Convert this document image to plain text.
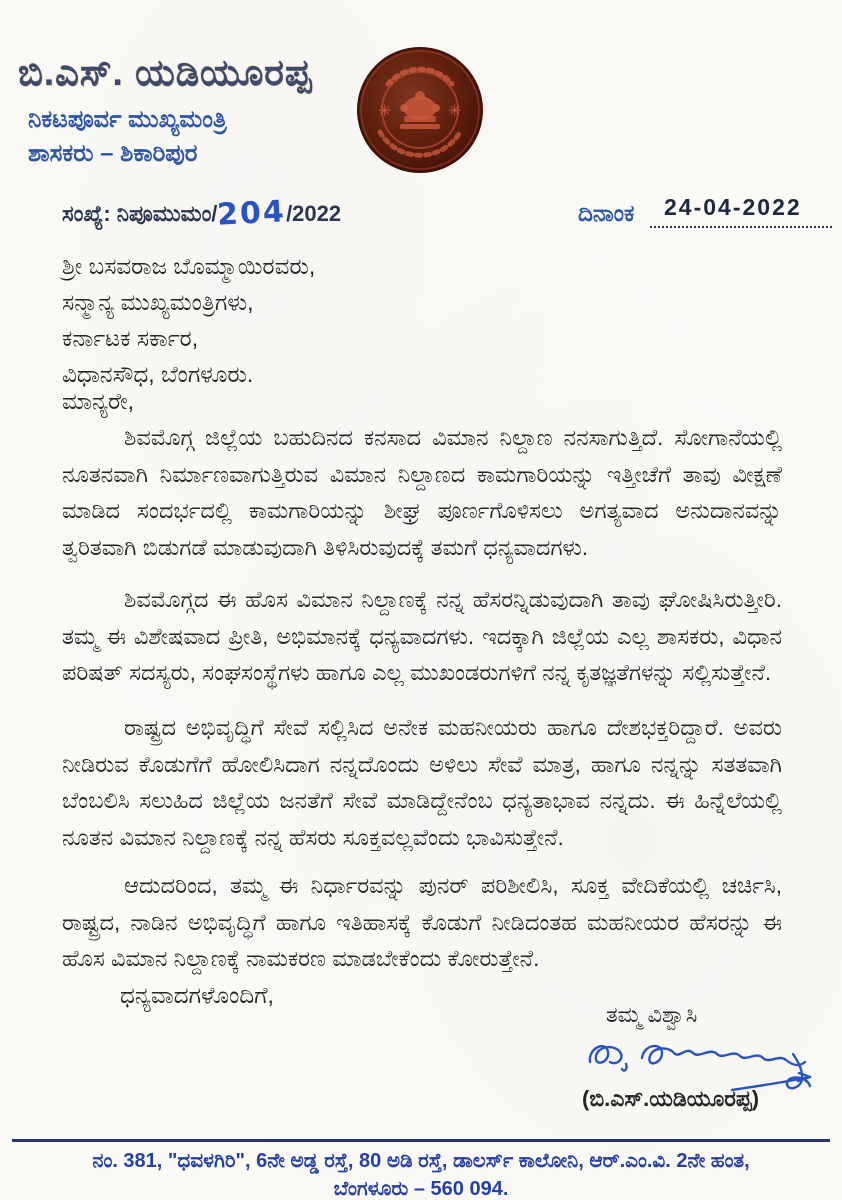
ಬಿ.ಎಸ್. ಯಡಿಯೂರಪ್ಪ
ನಿಕಟಪೂರ್ವ ಮುಖ್ಯಮಂತ್ರಿ
ಶಾಸಕರು – ಶಿಕಾರಿಪುರ
✳	✳
ಸಂಖ್ಯೆ: ನಿಪೂಮುಮಂ/204/2022	ದಿನಾಂಕ 24-04-2022
ಶ್ರೀ ಬಸವರಾಜ ಬೊಮ್ಮಾಯಿರವರು,
ಸನ್ಮಾನ್ಯ ಮುಖ್ಯಮಂತ್ರಿಗಳು,
ಕರ್ನಾಟಕ ಸರ್ಕಾರ,
ವಿಧಾನಸೌಧ, ಬೆಂಗಳೂರು.
ಮಾನ್ಯರೇ,
ಶಿವಮೊಗ್ಗ ಜಿಲ್ಲೆಯ ಬಹುದಿನದ ಕನಸಾದ ವಿಮಾನ ನಿಲ್ದಾಣ ನನಸಾಗುತ್ತಿದೆ. ಸೋಗಾನೆಯಲ್ಲಿ ನೂತನವಾಗಿ ನಿರ್ಮಾಣವಾಗುತ್ತಿರುವ ವಿಮಾನ ನಿಲ್ದಾಣದ ಕಾಮಗಾರಿಯನ್ನು ಇತ್ತೀಚೆಗೆ ತಾವು ವೀಕ್ಷಣೆ ಮಾಡಿದ ಸಂದರ್ಭದಲ್ಲಿ ಕಾಮಗಾರಿಯನ್ನು ಶೀಘ್ರ ಪೂರ್ಣಗೊಳಿಸಲು ಅಗತ್ಯವಾದ ಅನುದಾನವನ್ನು ತ್ವರಿತವಾಗಿ ಬಿಡುಗಡೆ ಮಾಡುವುದಾಗಿ ತಿಳಿಸಿರುವುದಕ್ಕೆ ತಮಗೆ ಧನ್ಯವಾದಗಳು.
ಶಿವಮೊಗ್ಗದ ಈ ಹೊಸ ವಿಮಾನ ನಿಲ್ದಾಣಕ್ಕೆ ನನ್ನ ಹೆಸರನ್ನಿಡುವುದಾಗಿ ತಾವು ಘೋಷಿಸಿರುತ್ತೀರಿ. ತಮ್ಮ ಈ ವಿಶೇಷವಾದ ಪ್ರೀತಿ, ಅಭಿಮಾನಕ್ಕೆ ಧನ್ಯವಾದಗಳು. ಇದಕ್ಕಾಗಿ ಜಿಲ್ಲೆಯ ಎಲ್ಲ ಶಾಸಕರು, ವಿಧಾನ ಪರಿಷತ್ ಸದಸ್ಯರು, ಸಂಘಸಂಸ್ಥೆಗಳು ಹಾಗೂ ಎಲ್ಲ ಮುಖಂಡರುಗಳಿಗೆ ನನ್ನ ಕೃತಜ್ಞತೆಗಳನ್ನು ಸಲ್ಲಿಸುತ್ತೇನೆ.
ರಾಷ್ಟ್ರದ ಅಭಿವೃದ್ಧಿಗೆ ಸೇವೆ ಸಲ್ಲಿಸಿದ ಅನೇಕ ಮಹನೀಯರು ಹಾಗೂ ದೇಶಭಕ್ತರಿದ್ದಾರೆ. ಅವರು ನೀಡಿರುವ ಕೊಡುಗೆಗೆ ಹೋಲಿಸಿದಾಗ ನನ್ನದೊಂದು ಅಳಿಲು ಸೇವೆ ಮಾತ್ರ, ಹಾಗೂ ನನ್ನನ್ನು ಸತತವಾಗಿ ಬೆಂಬಲಿಸಿ ಸಲುಹಿದ ಜಿಲ್ಲೆಯ ಜನತೆಗೆ ಸೇವೆ ಮಾಡಿದ್ದೇನೆಂಬ ಧನ್ಯತಾಭಾವ ನನ್ನದು. ಈ ಹಿನ್ನೆಲೆಯಲ್ಲಿ ನೂತನ ವಿಮಾನ ನಿಲ್ದಾಣಕ್ಕೆ ನನ್ನ ಹೆಸರು ಸೂಕ್ತವಲ್ಲವೆಂದು ಭಾವಿಸುತ್ತೇನೆ.
ಆದುದರಿಂದ, ತಮ್ಮ ಈ ನಿರ್ಧಾರವನ್ನು ಪುನರ್ ಪರಿಶೀಲಿಸಿ, ಸೂಕ್ತ ವೇದಿಕೆಯಲ್ಲಿ ಚರ್ಚಿಸಿ, ರಾಷ್ಟ್ರದ, ನಾಡಿನ ಅಭಿವೃದ್ಧಿಗೆ ಹಾಗೂ ಇತಿಹಾಸಕ್ಕೆ ಕೊಡುಗೆ ನೀಡಿದಂತಹ ಮಹನೀಯರ ಹೆಸರನ್ನು ಈ ಹೊಸ ವಿಮಾನ ನಿಲ್ದಾಣಕ್ಕೆ ನಾಮಕರಣ ಮಾಡಬೇಕೆಂದು ಕೋರುತ್ತೇನೆ.
ಧನ್ಯವಾದಗಳೊಂದಿಗೆ,
ತಮ್ಮ ವಿಶ್ವಾಸಿ
(ಬಿ.ಎಸ್.ಯಡಿಯೂರಪ್ಪ)
ನಂ. 381, "ಧವಳಗಿರಿ", 6ನೇ ಅಡ್ಡ ರಸ್ತೆ, 80 ಅಡಿ ರಸ್ತೆ, ಡಾಲರ್ಸ್ ಕಾಲೋನಿ, ಆರ್.ಎಂ.ವಿ. 2ನೇ ಹಂತ,
ಬೆಂಗಳೂರು – 560 094.
